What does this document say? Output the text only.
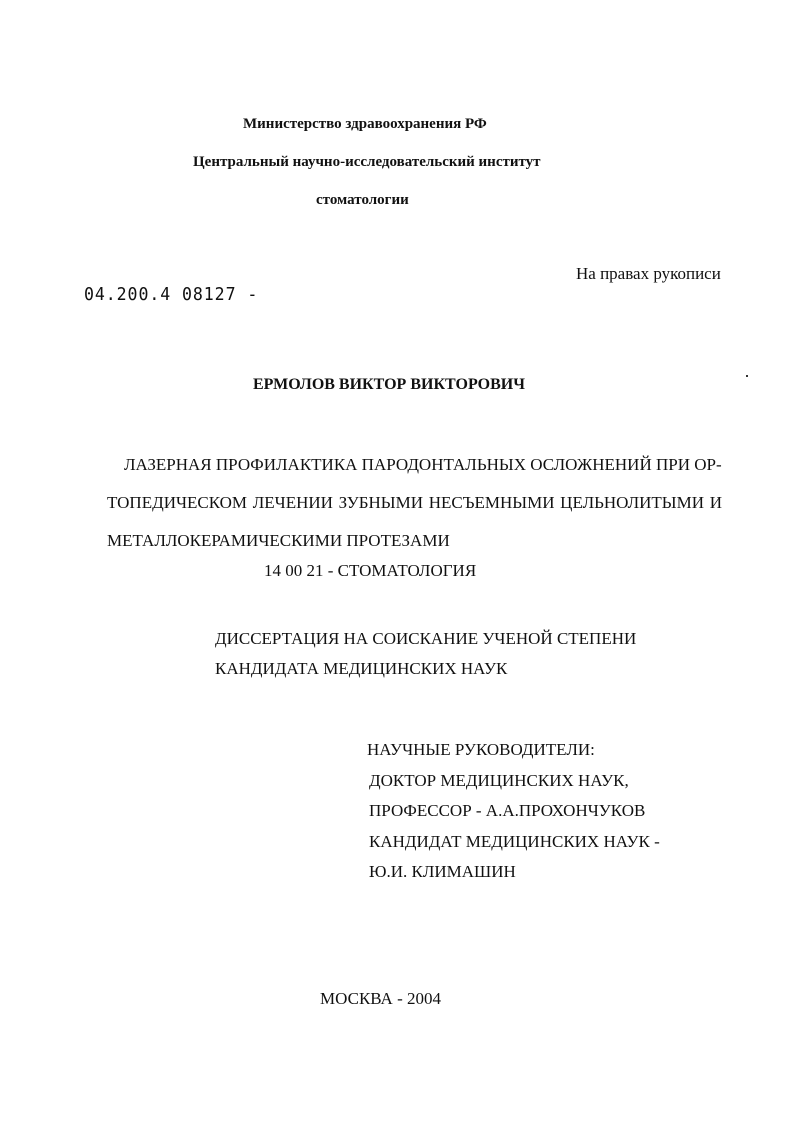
Министерство здравоохранения РФ
Центральный научно-исследовательский институт
стоматологии
На правах рукописи
04.200.4 08127 -
ЕРМОЛОВ ВИКТОР ВИКТОРОВИЧ
ЛАЗЕРНАЯ ПРОФИЛАКТИКА ПАРОДОНТАЛЬНЫХ ОСЛОЖНЕНИЙ ПРИ ОР-
ТОПЕДИЧЕСКОМ ЛЕЧЕНИИ ЗУБНЫМИ НЕСЪЕМНЫМИ ЦЕЛЬНОЛИТЫМИ И
МЕТАЛЛОКЕРАМИЧЕСКИМИ ПРОТЕЗАМИ
14 00 21 - СТОМАТОЛОГИЯ
ДИССЕРТАЦИЯ НА СОИСКАНИЕ УЧЕНОЙ СТЕПЕНИ
КАНДИДАТА МЕДИЦИНСКИХ НАУК
НАУЧНЫЕ РУКОВОДИТЕЛИ:
ДОКТОР МЕДИЦИНСКИХ НАУК,
ПРОФЕССОР - А.А.ПРОХОНЧУКОВ
КАНДИДАТ МЕДИЦИНСКИХ НАУК -
Ю.И. КЛИМАШИН
МОСКВА - 2004
